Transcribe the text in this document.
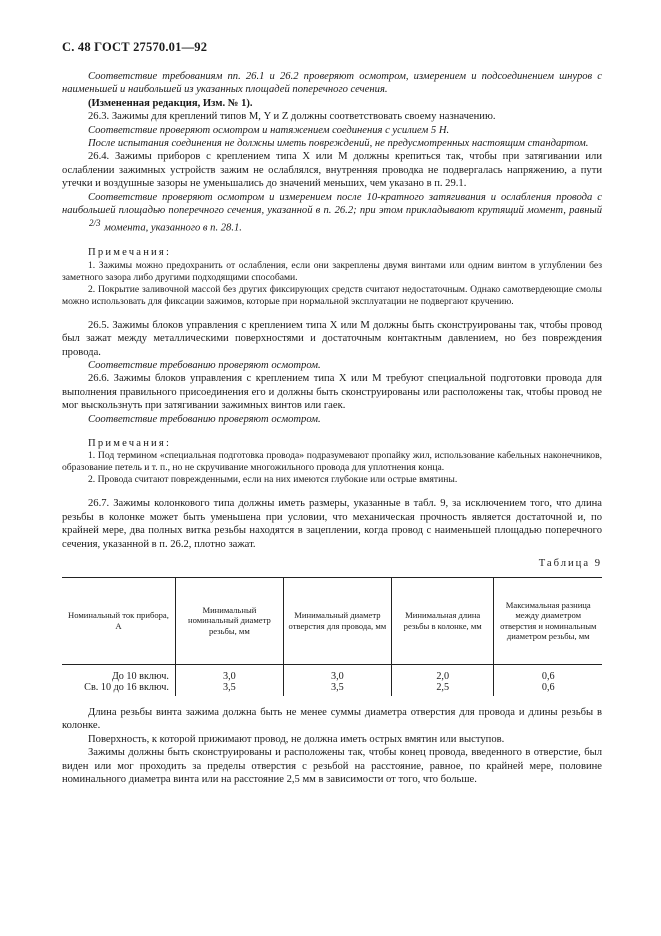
С. 48 ГОСТ 27570.01—92

Соответствие требованиям пп. 26.1 и 26.2 проверяют осмотром, измерением и подсоединением шнуров с наименьшей и наибольшей из указанных площадей поперечного сечения.

(Измененная редакция, Изм. № 1).

26.3. Зажимы для креплений типов М, Y и Z должны соответствовать своему назначению.

Соответствие проверяют осмотром и натяжением соединения с усилием 5 Н.

После испытания соединения не должны иметь повреждений, не предусмотренных настоящим стандартом.

26.4. Зажимы приборов с креплением типа X или М должны крепиться так, чтобы при затягивании или ослаблении зажимных устройств зажим не ослаблялся, внутренняя проводка не подвергалась напряжению, а пути утечки и воздушные зазоры не уменьшались до значений меньших, чем указано в п. 29.1.

Соответствие проверяют осмотром и измерением после 10-кратного затягивания и ослабления провода с наибольшей площадью поперечного сечения, указанной в п. 26.2; при этом прикладывают крутящий момент, равный 2/3 момента, указанного в п. 28.1.

Примечания:

1. Зажимы можно предохранить от ослабления, если они закреплены двумя винтами или одним винтом в углублении без заметного зазора либо другими подходящими способами.

2. Покрытие заливочной массой без других фиксирующих средств считают недостаточным. Однако самотвердеющие смолы можно использовать для фиксации зажимов, которые при нормальной эксплуатации не подвергают кручению.

26.5. Зажимы блоков управления с креплением типа X или М должны быть сконструированы так, чтобы провод был зажат между металлическими поверхностями и достаточным контактным давлением, но без повреждения провода.

Соответствие требованию проверяют осмотром.

26.6. Зажимы блоков управления с креплением типа X или М требуют специальной подготовки провода для выполнения правильного присоединения его и должны быть сконструированы или расположены так, чтобы провод не мог выскользнуть при затягивании зажимных винтов или гаек.

Соответствие требованию проверяют осмотром.

Примечания:

1. Под термином «специальная подготовка провода» подразумевают пропайку жил, использование кабельных наконечников, образование петель и т. п., но не скручивание многожильного провода для уплотнения конца.

2. Провода считают поврежденными, если на них имеются глубокие или острые вмятины.

26.7. Зажимы колонкового типа должны иметь размеры, указанные в табл. 9, за исключением того, что длина резьбы в колонке может быть уменьшена при условии, что механическая прочность является достаточной и, по крайней мере, два полных витка резьбы находятся в зацеплении, когда провод с наименьшей площадью поперечного сечения, указанной в п. 26.2, плотно зажат.

Таблица 9
Номинальный ток прибора, А	Минимальный номинальный диаметр резьбы, мм	Минимальный диаметр отверстия для провода, мм	Минимальная длина резьбы в колонке, мм	Максимальная разница между диаметром отверстия и номинальным диаметром резьбы, мм
До 10 включ.	3,0	3,0	2,0	0,6
Св. 10 до 16 включ.	3,5	3,5	2,5	0,6

Длина резьбы винта зажима должна быть не менее суммы диаметра отверстия для провода и длины резьбы в колонке.

Поверхность, к которой прижимают провод, не должна иметь острых вмятин или выступов.

Зажимы должны быть сконструированы и расположены так, чтобы конец провода, введенного в отверстие, был виден или мог проходить за пределы отверстия с резьбой на расстояние, равное, по крайней мере, половине номинального диаметра винта или на расстояние 2,5 мм в зависимости от того, что больше.
